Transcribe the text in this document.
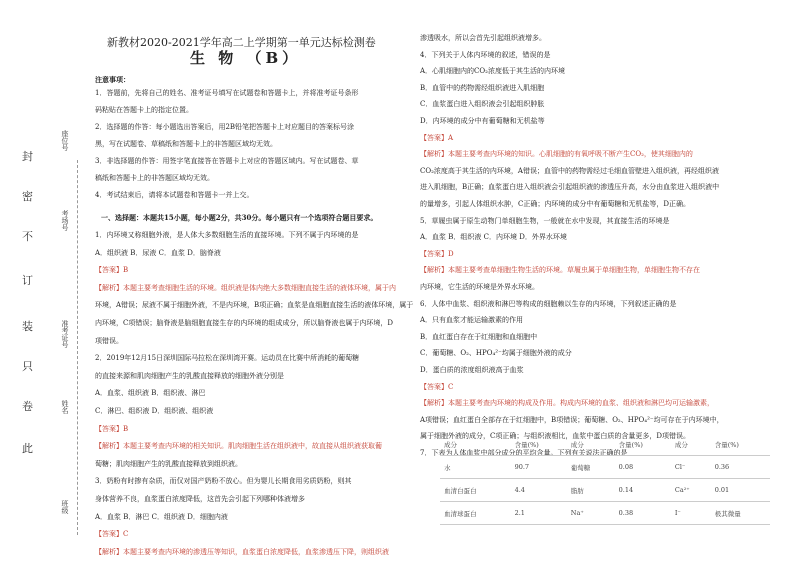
封
密
不
订
装
只
卷
此
座位号
考场号
准考证号
姓名
班级
新教材2020-2021学年高二上学期第一单元达标检测卷
生 物 （B）
注意事项：
1．答题前，先将自己的姓名、准考证号填写在试题卷和答题卡上，并将准考证号条形
码粘贴在答题卡上的指定位置。
2．选择题的作答：每小题选出答案后，用2B铅笔把答题卡上对应题目的答案标号涂
黑，写在试题卷、草稿纸和答题卡上的非答题区域均无效。
3．非选择题的作答：用签字笔直接答在答题卡上对应的答题区域内。写在试题卷、草
稿纸和答题卡上的非答题区域均无效。
4．考试结束后，请将本试题卷和答题卡一并上交。
一、选择题：本题共15小题，每小题2分，共30分。每小题只有一个选项符合题目要求。
1．内环境又称细胞外液，是人体大多数细胞生活的直接环境。下列不属于内环境的是
A．组织液 B．尿液 C．血浆 D．脑脊液
【答案】B
【解析】本题主要考查细胞生活的环境。组织液是体内绝大多数细胞直接生活的液体环境，属于内
环境，A错误；尿液不属于细胞外液，不是内环境，B项正确；血浆是血细胞直接生活的液体环境，属于
内环境，C项错误；脑脊液是脑细胞直接生存的内环境的组成成分，所以脑脊液也属于内环境，D
项错误。
2．2019年12月15日深圳国际马拉松在深圳湾开赛。运动员在比赛中所消耗的葡萄糖
的直接来源和肌肉细胞产生的乳酸直接释放的细胞外液分别是
A．血浆、组织液 B．组织液、淋巴
C．淋巴、组织液 D．组织液、组织液
【答案】B
【解析】本题主要考查内环境的相关知识。肌肉细胞生活在组织液中，故直接从组织液获取葡
萄糖；肌肉细胞产生的乳酸直接释放到组织液。
3．奶粉有时掺有杂质，而仅对国产奶粉不放心。但为婴儿长期食用劣质奶粉，则其
身体营养不良，血浆蛋白浓度降低，这首先会引起下列哪种体液增多
A．血浆 B．淋巴 C．组织液 D．细胞内液
【答案】C
【解析】本题主要考查内环境的渗透压等知识，血浆蛋白浓度降低，血浆渗透压下降，则组织液
渗透吸水，所以会首先引起组织液增多。
4．下列关于人体内环境的叙述，错误的是
A．心肌细胞内的CO₂浓度低于其生活的内环境
B．血管中的药物需经组织液进入肌细胞
C．血浆蛋白进入组织液会引起组织肿胀
D．内环境的成分中有葡萄糖和无机盐等
【答案】A
【解析】本题主要考查内环境的知识。心肌细胞的有氧呼吸不断产生CO₂，使其细胞内的
CO₂浓度高于其生活的内环境，A错误；血管中的药物需经过毛细血管壁进入组织液，再经组织液
进入肌细胞，B正确；血浆蛋白进入组织液会引起组织液的渗透压升高，水分由血浆进入组织液中
的量增多，引起人体组织水肿，C正确；内环境的成分中有葡萄糖和无机盐等，D正确。
5．草履虫属于原生动物门单细胞生物，一般就在水中发现，其直接生活的环境是
A．血浆 B．组织液 C．内环境 D．外界水环境
【答案】D
【解析】本题主要考查单细胞生物生活的环境。草履虫属于单细胞生物，单细胞生物不存在
内环境，它生活的环境是外界水环境。
6．人体中血浆、组织液和淋巴等构成的细胞赖以生存的内环境，下列叙述正确的是
A．只有血浆才能运输激素的作用
B．血红蛋白存在于红细胞和血细胞中
C．葡萄糖、O₂、HPO₄²⁻均属于细胞外液的成分
D．蛋白质的浓度组织液高于血浆
【答案】C
【解析】本题主要考查内环境的构成及作用。构成内环境的血浆、组织液和淋巴均可运输激素，
A项错误；血红蛋白全部存在于红细胞中，B项错误；葡萄糖、O₂、HPO₄²⁻均可存在于内环境中，
属于细胞外液的成分，C项正确；与组织液相比，血浆中蛋白质的含量更多，D项错误。
7．下表为人体血浆中部分成分的平均含量。下列有关说法正确的是
成分	含量(%)	成分	含量(%)	成分	含量(%)
水	90.7	葡萄糖	0.08	Cl⁻	0.36
血清白蛋白	4.4	脂肪	0.14	Ca²⁺	0.01
血清球蛋白	2.1	Na⁺	0.38	I⁻	极其微量
